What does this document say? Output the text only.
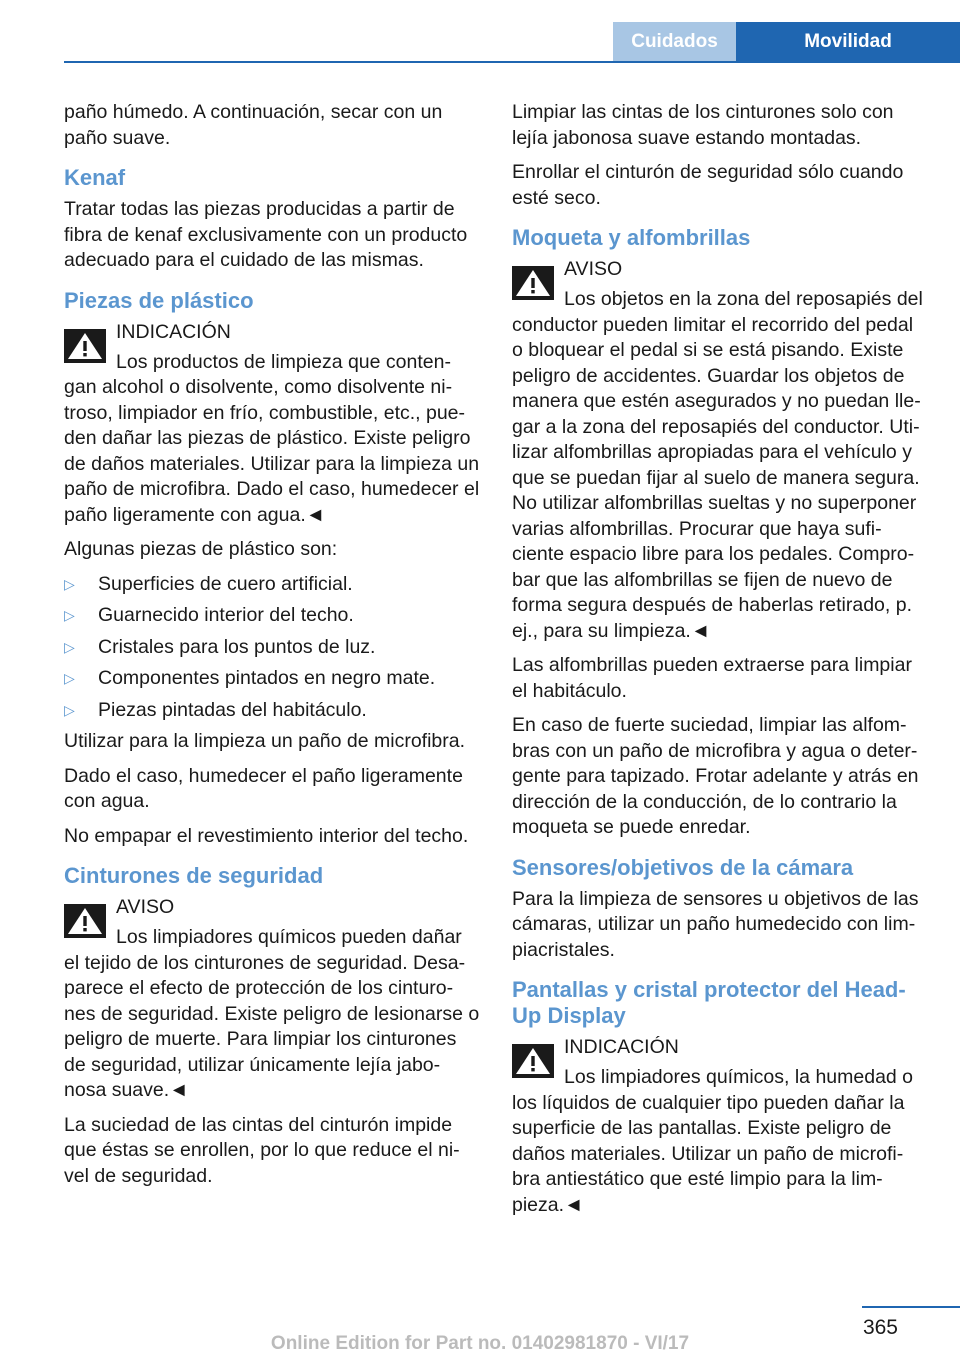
Cuidados	Movilidad

paño húmedo. A continuación, secar con un paño suave.

Kenaf

Tratar todas las piezas producidas a partir de fibra de kenaf exclusivamente con un producto adecuado para el cuidado de las mismas.

Piezas de plástico
INDICACIÓN
Los productos de limpieza que conten-gan alcohol o disolvente, como disolvente ni-troso, limpiador en frío, combustible, etc., pue-den dañar las piezas de plástico. Existe peligro de daños materiales. Utilizar para la limpieza un paño de microfibra. Dado el caso, humedecer el paño ligeramente con agua.◄

Algunas piezas de plástico son:

▷ Superficies de cuero artificial.
▷ Guarnecido interior del techo.
▷ Cristales para los puntos de luz.
▷ Componentes pintados en negro mate.
▷ Piezas pintadas del habitáculo.

Utilizar para la limpieza un paño de microfibra.

Dado el caso, humedecer el paño ligeramente con agua.

No empapar el revestimiento interior del techo.

Cinturones de seguridad
AVISO
Los limpiadores químicos pueden dañar el tejido de los cinturones de seguridad. Desa-parece el efecto de protección de los cinturo-nes de seguridad. Existe peligro de lesionarse o peligro de muerte. Para limpiar los cinturones de seguridad, utilizar únicamente lejía jabo-nosa suave.◄

La suciedad de las cintas del cinturón impide que éstas se enrollen, por lo que reduce el ni-vel de seguridad.

Limpiar las cintas de los cinturones solo con lejía jabonosa suave estando montadas.

Enrollar el cinturón de seguridad sólo cuando esté seco.

Moqueta y alfombrillas
AVISO
Los objetos en la zona del reposapiés del conductor pueden limitar el recorrido del pedal o bloquear el pedal si se está pisando. Existe peligro de accidentes. Guardar los objetos de manera que estén asegurados y no puedan lle-gar a la zona del reposapiés del conductor. Uti-lizar alfombrillas apropiadas para el vehículo y que se puedan fijar al suelo de manera segura. No utilizar alfombrillas sueltas y no superponer varias alfombrillas. Procurar que haya sufi-ciente espacio libre para los pedales. Compro-bar que las alfombrillas se fijen de nuevo de forma segura después de haberlas retirado, p. ej., para su limpieza.◄

Las alfombrillas pueden extraerse para limpiar el habitáculo.

En caso de fuerte suciedad, limpiar las alfom-bras con un paño de microfibra y agua o deter-gente para tapizado. Frotar adelante y atrás en dirección de la conducción, de lo contrario la moqueta se puede enredar.

Sensores/objetivos de la cámara

Para la limpieza de sensores u objetivos de las cámaras, utilizar un paño humedecido con lim-piacristales.

Pantallas y cristal protector del Head-Up Display
INDICACIÓN
Los limpiadores químicos, la humedad o los líquidos de cualquier tipo pueden dañar la superficie de las pantallas. Existe peligro de daños materiales. Utilizar un paño de microfi-bra antiestático que esté limpio para la lim-pieza.◄
365
Online Edition for Part no. 01402981870 - VI/17
